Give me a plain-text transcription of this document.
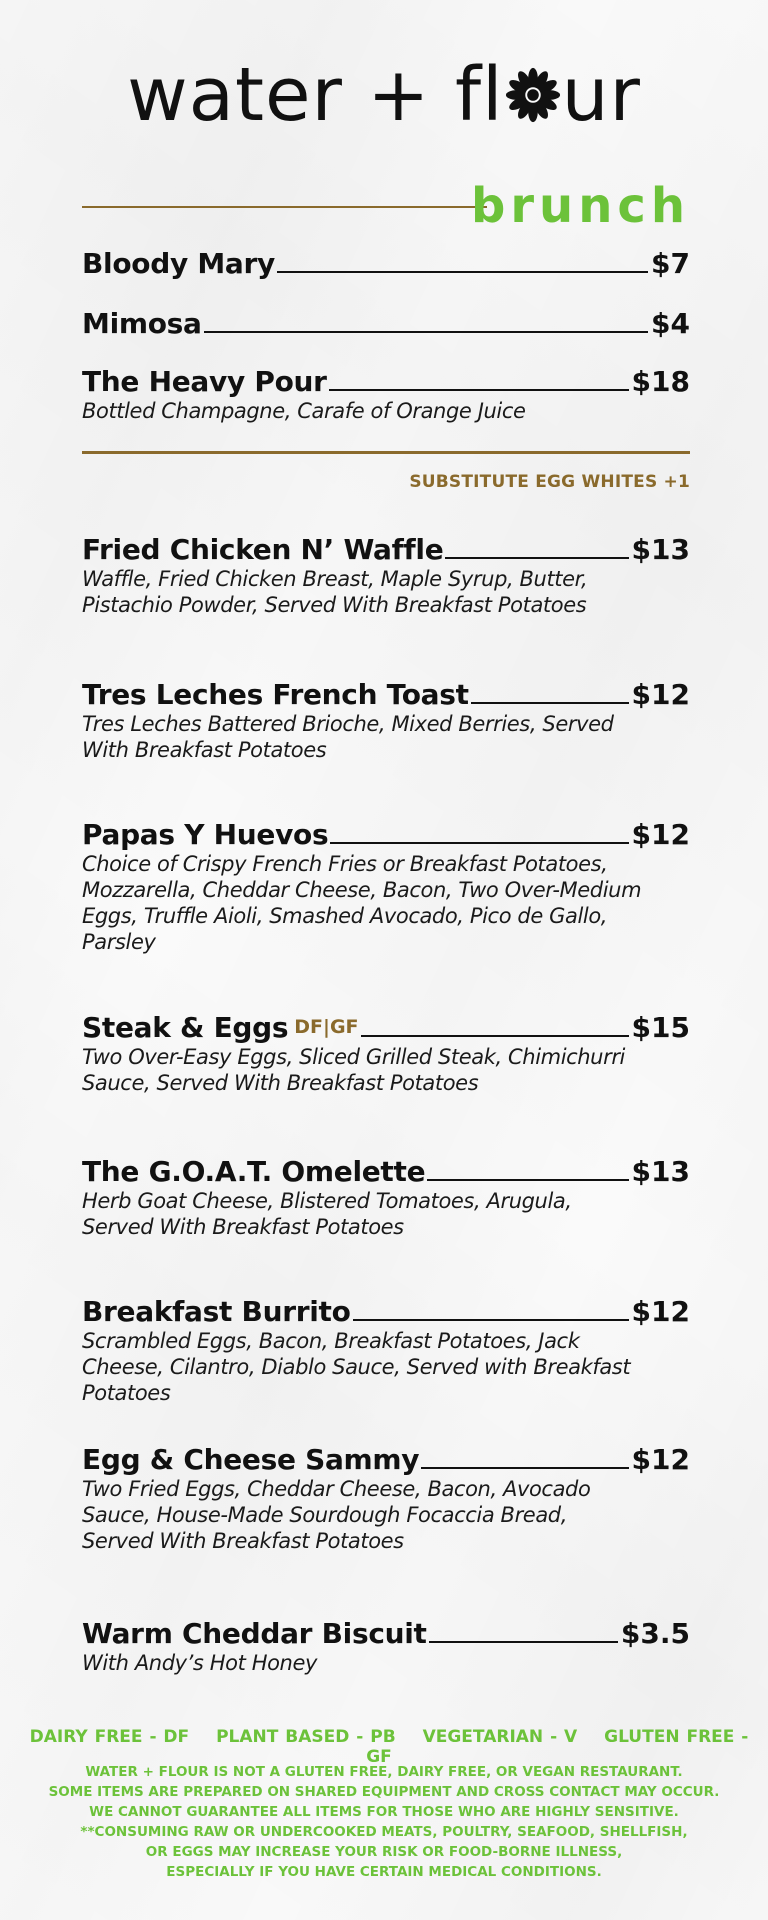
water + fl ur
brunch
Bloody Mary	$7
Mimosa	$4
The Heavy Pour	$18
Bottled Champagne, Carafe of Orange Juice
SUBSTITUTE EGG WHITES +1
Fried Chicken N’ Waffle	$13
Waffle, Fried Chicken Breast, Maple Syrup, Butter, Pistachio Powder, Served With Breakfast Potatoes
Tres Leches French Toast	$12
Tres Leches Battered Brioche, Mixed Berries, Served With Breakfast Potatoes
Papas Y Huevos	$12
Choice of Crispy French Fries or Breakfast Potatoes, Mozzarella, Cheddar Cheese, Bacon, Two Over-Medium Eggs, Truffle Aioli, Smashed Avocado, Pico de Gallo, Parsley
Steak & Eggs DF|GF	$15
Two Over-Easy Eggs, Sliced Grilled Steak, Chimichurri Sauce, Served With Breakfast Potatoes
The G.O.A.T. Omelette	$13
Herb Goat Cheese, Blistered Tomatoes, Arugula, Served With Breakfast Potatoes
Breakfast Burrito	$12
Scrambled Eggs, Bacon, Breakfast Potatoes, Jack Cheese, Cilantro, Diablo Sauce, Served with Breakfast Potatoes
Egg & Cheese Sammy	$12
Two Fried Eggs, Cheddar Cheese, Bacon, Avocado Sauce, House-Made Sourdough Focaccia Bread, Served With Breakfast Potatoes
Warm Cheddar Biscuit	$3.5
With Andy’s Hot Honey
DAIRY FREE - DF PLANT BASED - PB VEGETARIAN - V GLUTEN FREE - GF
WATER + FLOUR IS NOT A GLUTEN FREE, DAIRY FREE, OR VEGAN RESTAURANT.
SOME ITEMS ARE PREPARED ON SHARED EQUIPMENT AND CROSS CONTACT MAY OCCUR.
WE CANNOT GUARANTEE ALL ITEMS FOR THOSE WHO ARE HIGHLY SENSITIVE.
**CONSUMING RAW OR UNDERCOOKED MEATS, POULTRY, SEAFOOD, SHELLFISH,
OR EGGS MAY INCREASE YOUR RISK OR FOOD-BORNE ILLNESS,
ESPECIALLY IF YOU HAVE CERTAIN MEDICAL CONDITIONS.
